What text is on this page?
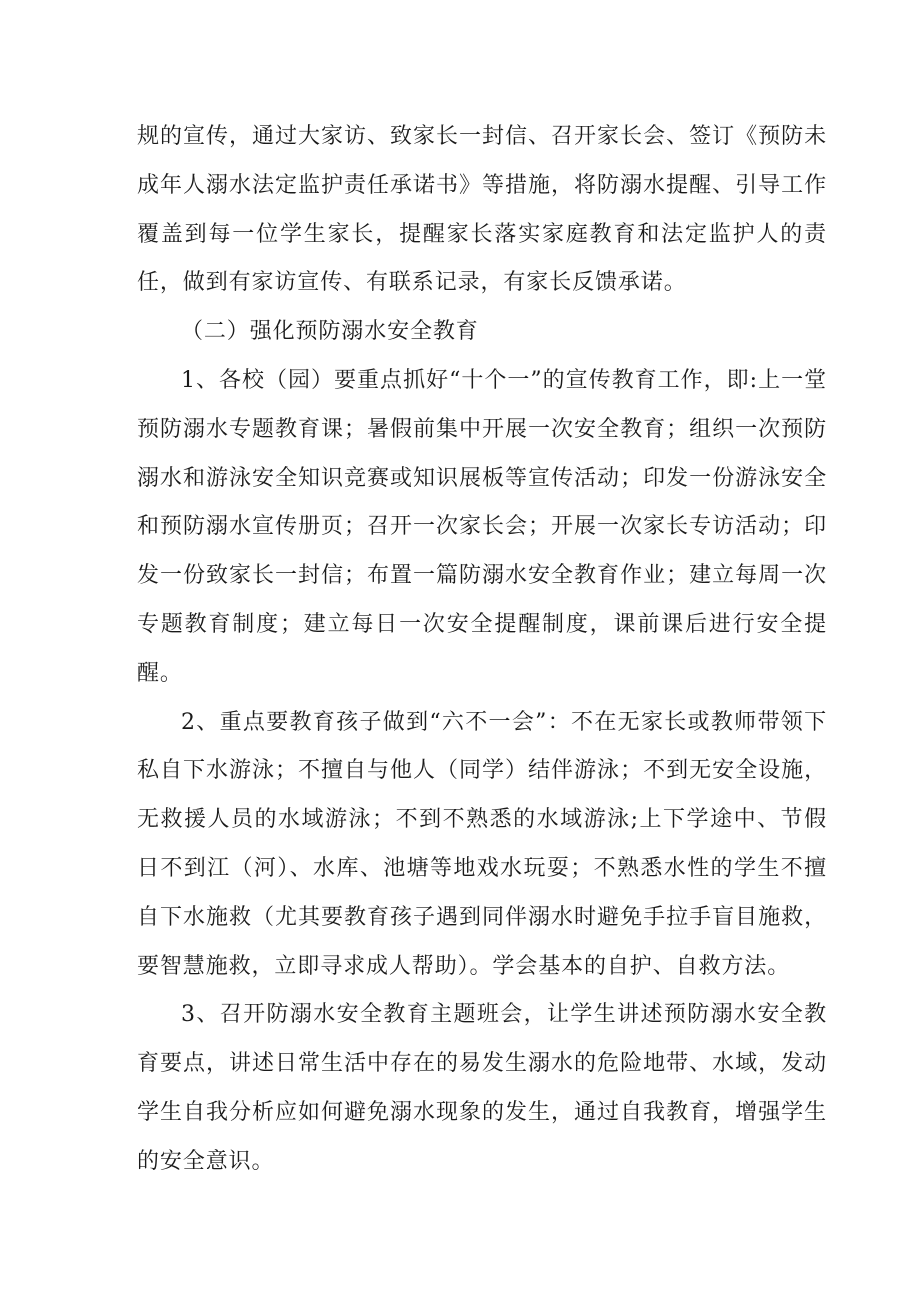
规的宣传，通过大家访、致家长一封信、召开家长会、签订《预防未成年人溺水法定监护责任承诺书》等措施，将防溺水提醒、引导工作覆盖到每一位学生家长，提醒家长落实家庭教育和法定监护人的责任，做到有家访宣传、有联系记录，有家长反馈承诺。

（二）强化预防溺水安全教育

1、各校（园）要重点抓好“十个一”的宣传教育工作，即:上一堂预防溺水专题教育课；暑假前集中开展一次安全教育；组织一次预防溺水和游泳安全知识竞赛或知识展板等宣传活动；印发一份游泳安全和预防溺水宣传册页；召开一次家长会；开展一次家长专访活动；印发一份致家长一封信；布置一篇防溺水安全教育作业；建立每周一次专题教育制度；建立每日一次安全提醒制度，课前课后进行安全提醒。

2、重点要教育孩子做到“六不一会”：不在无家长或教师带领下私自下水游泳；不擅自与他人（同学）结伴游泳；不到无安全设施，无救援人员的水域游泳；不到不熟悉的水域游泳;上下学途中、节假日不到江（河）、水库、池塘等地戏水玩耍；不熟悉水性的学生不擅自下水施救（尤其要教育孩子遇到同伴溺水时避免手拉手盲目施救，要智慧施救，立即寻求成人帮助）。学会基本的自护、自救方法。

3、召开防溺水安全教育主题班会，让学生讲述预防溺水安全教育要点，讲述日常生活中存在的易发生溺水的危险地带、水域，发动学生自我分析应如何避免溺水现象的发生，通过自我教育，增强学生的安全意识。
